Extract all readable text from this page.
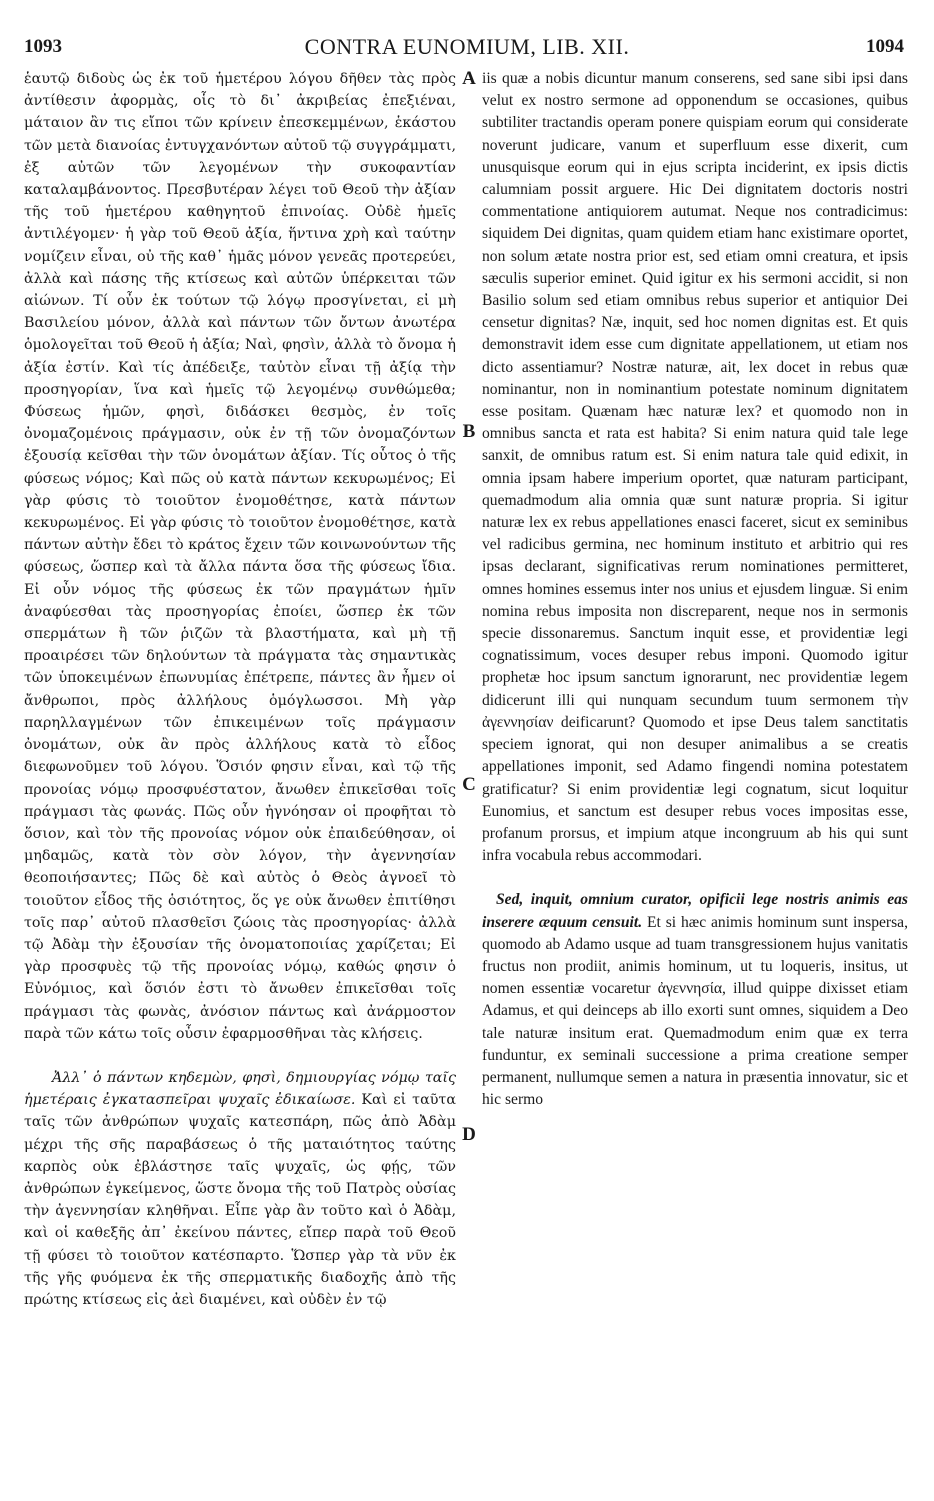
1093	CONTRA EUNOMIUM, LIB. XII.	1094

ἑαυτῷ διδοὺς ὡς ἐκ τοῦ ἡμετέρου λόγου δῆθεν τὰς πρὸς ἀντίθεσιν ἀφορμὰς, οἷς τὸ δι᾿ ἀκριβείας ἐπεξιέναι, μάταιον ἂν τις εἴποι τῶν κρίνειν ἐπεσκεμμένων, ἑκάστου τῶν μετὰ διανοίας ἐντυγχανόντων αὐτοῦ τῷ συγγράμματι, ἐξ αὐτῶν τῶν λεγομένων τὴν συκοφαντίαν καταλαμβάνοντος. Πρεσβυτέραν λέγει τοῦ Θεοῦ τὴν ἀξίαν τῆς τοῦ ἡμετέρου καθηγητοῦ ἐπινοίας. Οὐδὲ ἡμεῖς ἀντιλέγομεν· ἡ γὰρ τοῦ Θεοῦ ἀξία, ἥντινα χρὴ καὶ ταύτην νομίζειν εἶναι, οὐ τῆς καθ᾿ ἡμᾶς μόνον γενεᾶς προτερεύει, ἀλλὰ καὶ πάσης τῆς κτίσεως καὶ αὐτῶν ὑπέρκειται τῶν αἰώνων. Τί οὖν ἐκ τούτων τῷ λόγῳ προσγίνεται, εἰ μὴ Βασιλείου μόνον, ἀλλὰ καὶ πάντων τῶν ὄντων ἀνωτέρα ὁμολογεῖται τοῦ Θεοῦ ἡ ἀξία; Ναὶ, φησὶν, ἀλλὰ τὸ ὄνομα ἡ ἀξία ἐστίν. Καὶ τίς ἀπέδειξε, ταὐτὸν εἶναι τῇ ἀξίᾳ τὴν προσηγορίαν, ἵνα καὶ ἡμεῖς τῷ λεγομένῳ συνθώμεθα; Φύσεως ἡμῶν, φησὶ, διδάσκει θεσμὸς, ἐν τοῖς ὀνομαζομένοις πράγμασιν, οὐκ ἐν τῇ τῶν ὀνομαζόντων ἐξουσίᾳ κεῖσθαι τὴν τῶν ὀνομάτων ἀξίαν. Τίς οὗτος ὁ τῆς φύσεως νόμος; Καὶ πῶς οὐ κατὰ πάντων κεκυρωμένος; Εἰ γὰρ φύσις τὸ τοιοῦτον ἐνομοθέτησε, κατὰ πάντων κεκυρωμένος. Εἰ γὰρ φύσις τὸ τοιοῦτον ἐνομοθέτησε, κατὰ πάντων αὐτὴν ἔδει τὸ κράτος ἔχειν τῶν κοινωνούντων τῆς φύσεως, ὥσπερ καὶ τὰ ἄλλα πάντα ὅσα τῆς φύσεως ἴδια. Εἰ οὖν νόμος τῆς φύσεως ἐκ τῶν πραγμάτων ἡμῖν ἀναφύεσθαι τὰς προσηγορίας ἐποίει, ὥσπερ ἐκ τῶν σπερμάτων ἢ τῶν ῥιζῶν τὰ βλαστήματα, καὶ μὴ τῇ προαιρέσει τῶν δηλούντων τὰ πράγματα τὰς σημαντικὰς τῶν ὑποκειμένων ἐπωνυμίας ἐπέτρεπε, πάντες ἂν ἦμεν οἱ ἄνθρωποι, πρὸς ἀλλήλους ὁμόγλωσσοι. Μὴ γὰρ παρηλλαγμένων τῶν ἐπικειμένων τοῖς πράγμασιν ὀνομάτων, οὐκ ἂν πρὸς ἀλλήλους κατὰ τὸ εἶδος διεφωνοῦμεν τοῦ λόγου. Ὅσιόν φησιν εἶναι, καὶ τῷ τῆς προνοίας νόμῳ προσφυέστατον, ἄνωθεν ἐπικεῖσθαι τοῖς πράγμασι τὰς φωνάς. Πῶς οὖν ἠγνόησαν οἱ προφῆται τὸ ὅσιον, καὶ τὸν τῆς προνοίας νόμον οὐκ ἐπαιδεύθησαν, οἱ μηδαμῶς, κατὰ τὸν σὸν λόγον, τὴν ἀγεννησίαν θεοποιήσαντες; Πῶς δὲ καὶ αὐτὸς ὁ Θεὸς ἀγνοεῖ τὸ τοιοῦτον εἶδος τῆς ὁσιότητος, ὅς γε οὐκ ἄνωθεν ἐπιτίθησι τοῖς παρ᾿ αὐτοῦ πλασθεῖσι ζώοις τὰς προσηγορίας· ἀλλὰ τῷ Ἀδὰμ τὴν ἐξουσίαν τῆς ὀνοματοποιίας χαρίζεται; Εἰ γὰρ προσφυὲς τῷ τῆς προνοίας νόμῳ, καθώς φησιν ὁ Εὐνόμιος, καὶ ὅσιόν ἐστι τὸ ἄνωθεν ἐπικεῖσθαι τοῖς πράγμασι τὰς φωνὰς, ἀνόσιον πάντως καὶ ἀνάρμοστον παρὰ τῶν κάτω τοῖς οὖσιν ἐφαρμοσθῆναι τὰς κλήσεις.

Ἀλλ᾿ ὁ πάντων κηδεμὼν, φησὶ, δημιουργίας νόμῳ ταῖς ἡμετέραις ἐγκατασπεῖραι ψυχαῖς ἐδικαίωσε. Καὶ εἰ ταῦτα ταῖς τῶν ἀνθρώπων ψυχαῖς κατεσπάρη, πῶς ἀπὸ Ἀδὰμ μέχρι τῆς σῆς παραβάσεως ὁ τῆς ματαιότητος ταύτης καρπὸς οὐκ ἐβλάστησε ταῖς ψυχαῖς, ὡς φῄς, τῶν ἀνθρώπων ἐγκείμενος, ὥστε ὄνομα τῆς τοῦ Πατρὸς οὐσίας τὴν ἀγεννησίαν κληθῆναι. Εἶπε γὰρ ἂν τοῦτο καὶ ὁ Ἀδὰμ, καὶ οἱ καθεξῆς ἀπ᾿ ἐκείνου πάντες, εἴπερ παρὰ τοῦ Θεοῦ τῇ φύσει τὸ τοιοῦτον κατέσπαρτο. Ὥσπερ γὰρ τὰ νῦν ἐκ τῆς γῆς φυόμενα ἐκ τῆς σπερματικῆς διαδοχῆς ἀπὸ τῆς πρώτης κτίσεως εἰς ἀεὶ διαμένει, καὶ οὐδὲν ἐν τῷ

A
B
C
D

iis quæ a nobis dicuntur manum conserens, sed sane sibi ipsi dans velut ex nostro sermone ad opponendum se occasiones, quibus subtiliter tractandis operam ponere quispiam eorum qui considerate noverunt judicare, vanum et superfluum esse dixerit, cum unusquisque eorum qui in ejus scripta inciderint, ex ipsis dictis calumniam possit arguere. Hic Dei dignitatem doctoris nostri commentatione antiquiorem autumat. Neque nos contradicimus: siquidem Dei dignitas, quam quidem etiam hanc existimare oportet, non solum ætate nostra prior est, sed etiam omni creatura, et ipsis sæculis superior eminet. Quid igitur ex his sermoni accidit, si non Basilio solum sed etiam omnibus rebus superior et antiquior Dei censetur dignitas? Næ, inquit, sed hoc nomen dignitas est. Et quis demonstravit idem esse cum dignitate appellationem, ut etiam nos dicto assentiamur? Nostræ naturæ, ait, lex docet in rebus quæ nominantur, non in nominantium potestate nominum dignitatem esse positam. Quænam hæc naturæ lex? et quomodo non in omnibus sancta et rata est habita? Si enim natura quid tale lege sanxit, de omnibus ratum est. Si enim natura tale quid edixit, in omnia ipsam habere imperium oportet, quæ naturam participant, quemadmodum alia omnia quæ sunt naturæ propria. Si igitur naturæ lex ex rebus appellationes enasci faceret, sicut ex seminibus vel radicibus germina, nec hominum instituto et arbitrio qui res ipsas declarant, significativas rerum nominationes permitteret, omnes homines essemus inter nos unius et ejusdem linguæ. Si enim nomina rebus imposita non discreparent, neque nos in sermonis specie dissonaremus. Sanctum inquit esse, et providentiæ legi cognatissimum, voces desuper rebus imponi. Quomodo igitur prophetæ hoc ipsum sanctum ignorarunt, nec providentiæ legem didicerunt illi qui nunquam secundum tuum sermonem τὴν ἀγεννησίαν deificarunt? Quomodo et ipse Deus talem sanctitatis speciem ignorat, qui non desuper animalibus a se creatis appellationes imponit, sed Adamo fingendi nomina potestatem gratificatur? Si enim providentiæ legi cognatum, sicut loquitur Eunomius, et sanctum est desuper rebus voces impositas esse, profanum prorsus, et impium atque incongruum ab his qui sunt infra vocabula rebus accommodari.

Sed, inquit, omnium curator, opificii lege nostris animis eas inserere æquum censuit. Et si hæc animis hominum sunt inspersa, quomodo ab Adamo usque ad tuam transgressionem hujus vanitatis fructus non prodiit, animis hominum, ut tu loqueris, insitus, ut nomen essentiæ vocaretur ἀγεννησία, illud quippe dixisset etiam Adamus, et qui deinceps ab illo exorti sunt omnes, siquidem a Deo tale naturæ insitum erat. Quemadmodum enim quæ ex terra funduntur, ex seminali successione a prima creatione semper permanent, nullumque semen a natura in præsentia innovatur, sic et hic sermo
